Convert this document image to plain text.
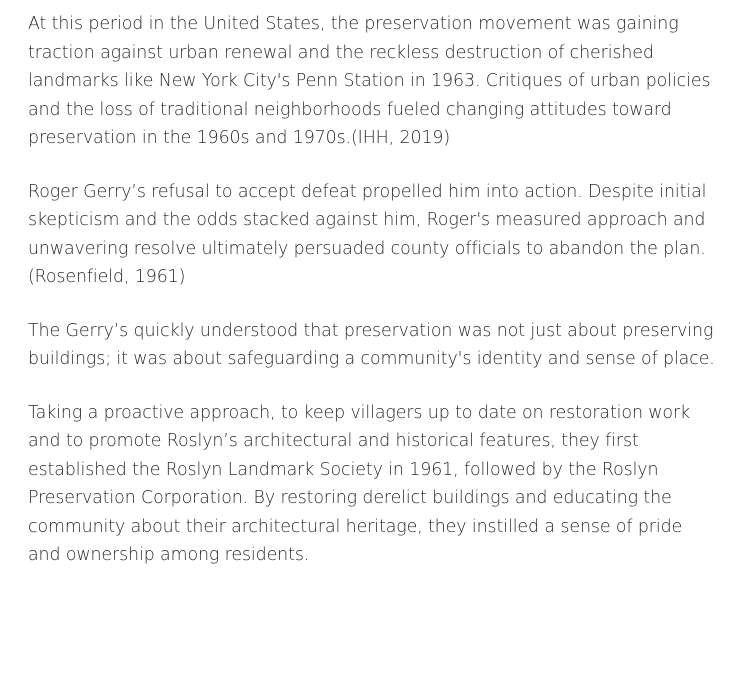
At this period in the United States, the preservation movement was gaining traction against urban renewal and the reckless destruction of cherished landmarks like New York City's Penn Station in 1963. Critiques of urban policies and the loss of traditional neighborhoods fueled changing attitudes toward preservation in the 1960s and 1970s.(IHH, 2019)

Roger Gerry’s refusal to accept defeat propelled him into action. Despite initial skepticism and the odds stacked against him, Roger's measured approach and unwavering resolve ultimately persuaded county officials to abandon the plan.(Rosenfield, 1961)

The Gerry’s quickly understood that preservation was not just about preserving buildings; it was about safeguarding a community's identity and sense of place.

Taking a proactive approach, to keep villagers up to date on restoration work and to promote Roslyn’s architectural and historical features, they first established the Roslyn Landmark Society in 1961, followed by the Roslyn Preservation Corporation. By restoring derelict buildings and educating the community about their architectural heritage, they instilled a sense of pride and ownership among residents.
